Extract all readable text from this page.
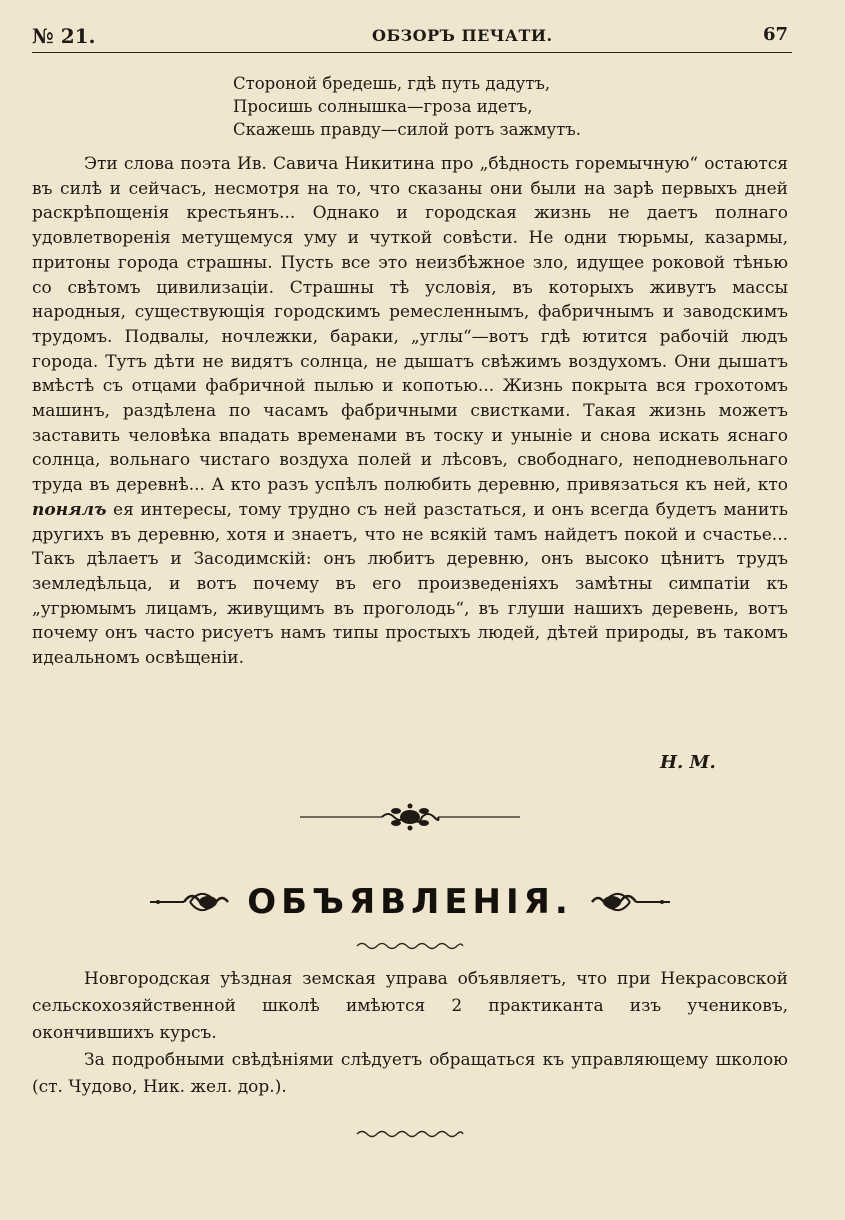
№ 21.	ОБЗОРЪ ПЕЧАТИ.	67
Стороной бредешь, гдѣ путь дадутъ,
Просишь солнышка—гроза идетъ,
Скажешь правду—силой ротъ зажмутъ.

Эти слова поэта Ив. Савича Никитина про „бѣдность горемычную“ остаются въ силѣ и сейчасъ, несмотря на то, что сказаны они были на зарѣ первыхъ дней раскрѣпощенія крестьянъ... Однако и городская жизнь не даетъ полнаго удовлетворенія метущемуся уму и чуткой совѣсти. Не одни тюрьмы, казармы, притоны города страшны. Пусть все это неизбѣжное зло, идущее роковой тѣнью со свѣтомъ цивилизаціи. Страшны тѣ условія, въ которыхъ живутъ массы народныя, существующія городскимъ ремесленнымъ, фабричнымъ и заводскимъ трудомъ. Подвалы, ночлежки, бараки, „углы“—вотъ гдѣ ютится рабочій людъ города. Тутъ дѣти не видятъ солнца, не дышатъ свѣжимъ воздухомъ. Они дышатъ вмѣстѣ съ отцами фабричной пылью и копотью... Жизнь покрыта вся грохотомъ машинъ, раздѣлена по часамъ фабричными свистками. Такая жизнь можетъ заставить человѣка впадать временами въ тоску и уныніе и снова искать яснаго солнца, вольнаго чистаго воздуха полей и лѣсовъ, свободнаго, неподневольнаго труда въ деревнѣ... А кто разъ успѣлъ полюбить деревню, привязаться къ ней, кто понялъ ея интересы, тому трудно съ ней разстаться, и онъ всегда будетъ манить другихъ въ деревню, хотя и знаетъ, что не всякій тамъ найдетъ покой и счастье... Такъ дѣлаетъ и Засодимскій: онъ любитъ деревню, онъ высоко цѣнитъ трудъ земледѣльца, и вотъ почему въ его произведеніяхъ замѣтны симпатіи къ „угрюмымъ лицамъ, живущимъ въ проголодь“, въ глуши нашихъ деревень, вотъ почему онъ часто рисуетъ намъ типы простыхъ людей, дѣтей природы, въ такомъ идеальномъ освѣщеніи.

Н. М.
ОБЪЯВЛЕНІЯ.

Новгородская уѣздная земская управа объявляетъ, что при Некрасовской сельскохозяйственной школѣ имѣются 2 практиканта изъ учениковъ, окончившихъ курсъ.

За подробными свѣдѣніями слѣдуетъ обращаться къ управляющему школою (ст. Чудово, Ник. жел. дор.).
